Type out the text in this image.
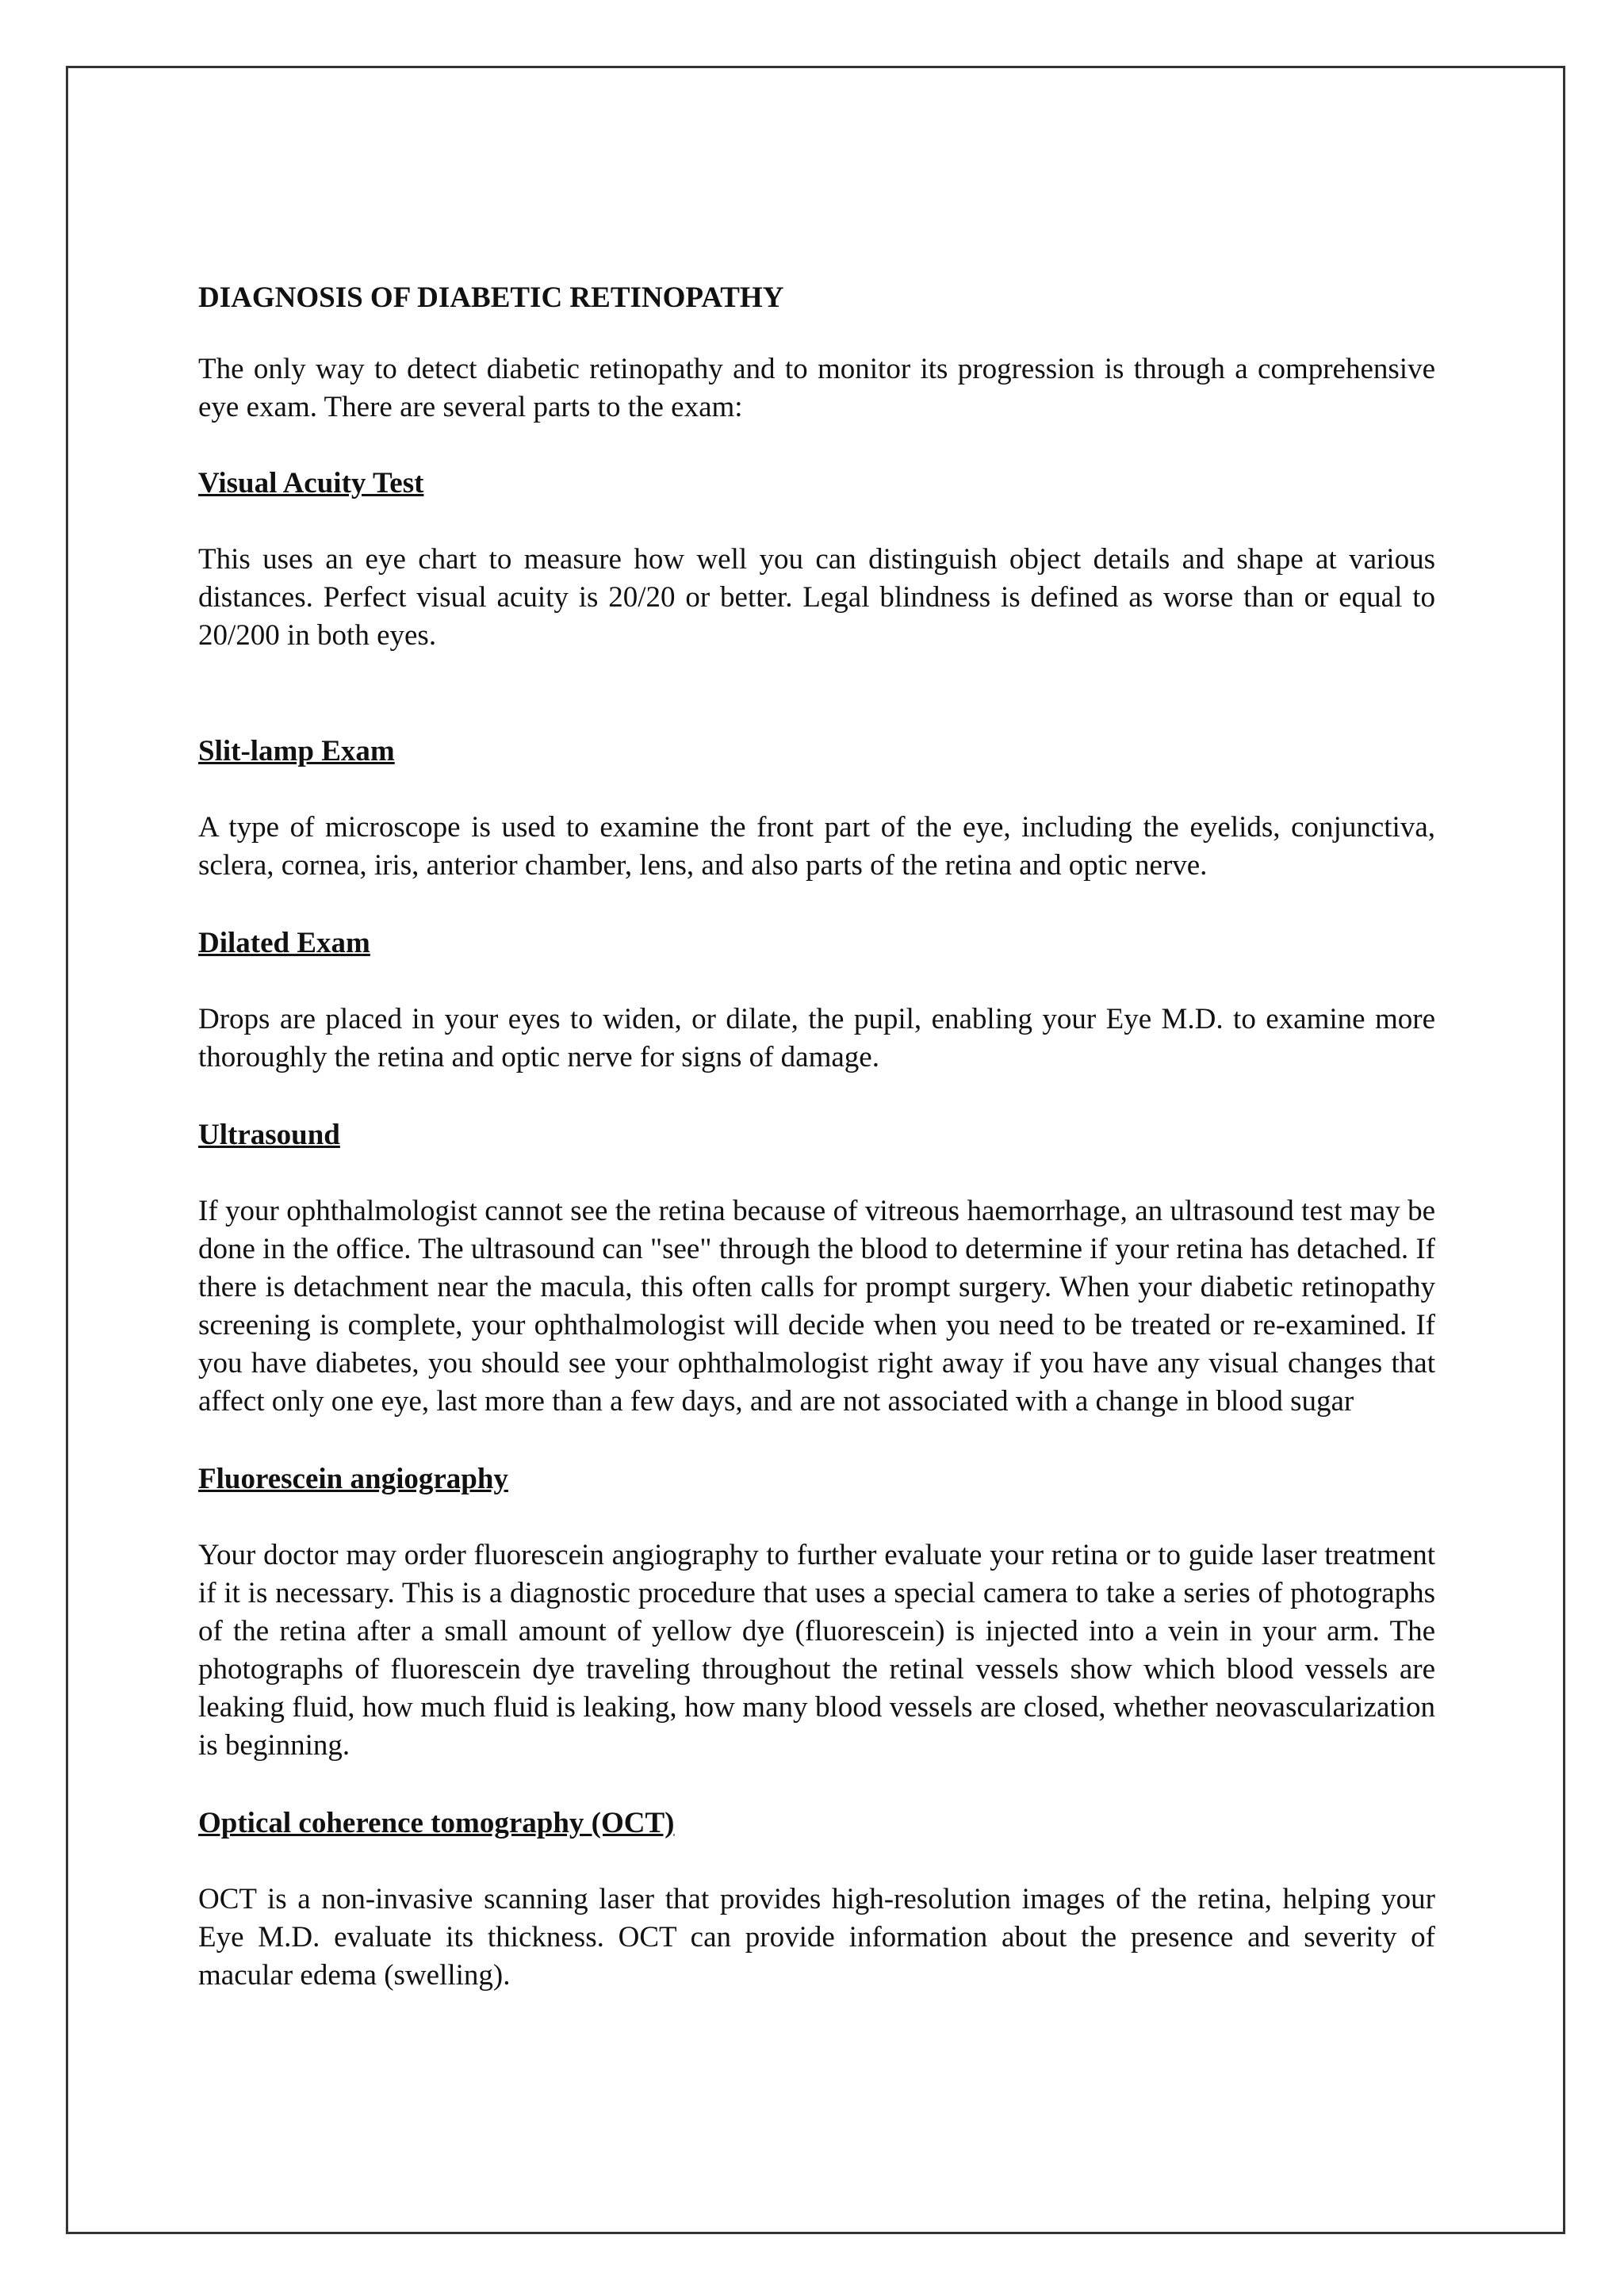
DIAGNOSIS OF DIABETIC RETINOPATHY

The only way to detect diabetic retinopathy and to monitor its progression is through a comprehensive eye exam. There are several parts to the exam:

Visual Acuity Test

This uses an eye chart to measure how well you can distinguish object details and shape at various distances. Perfect visual acuity is 20/20 or better. Legal blindness is defined as worse than or equal to 20/200 in both eyes.

Slit-lamp Exam

A type of microscope is used to examine the front part of the eye, including the eyelids, conjunctiva, sclera, cornea, iris, anterior chamber, lens, and also parts of the retina and optic nerve.

Dilated Exam

Drops are placed in your eyes to widen, or dilate, the pupil, enabling your Eye M.D. to examine more thoroughly the retina and optic nerve for signs of damage.

Ultrasound

If your ophthalmologist cannot see the retina because of vitreous haemorrhage, an ultrasound test may be done in the office. The ultrasound can "see" through the blood to determine if your retina has detached. If there is detachment near the macula, this often calls for prompt surgery. When your diabetic retinopathy screening is complete, your ophthalmologist will decide when you need to be treated or re-examined. If you have diabetes, you should see your ophthalmologist right away if you have any visual changes that affect only one eye, last more than a few days, and are not associated with a change in blood sugar

Fluorescein angiography

Your doctor may order fluorescein angiography to further evaluate your retina or to guide laser treatment if it is necessary. This is a diagnostic procedure that uses a special camera to take a series of photographs of the retina after a small amount of yellow dye (fluorescein) is injected into a vein in your arm. The photographs of fluorescein dye traveling throughout the retinal vessels show which blood vessels are leaking fluid, how much fluid is leaking, how many blood vessels are closed, whether neovascularization is beginning.

Optical coherence tomography (OCT)

OCT is a non-invasive scanning laser that provides high-resolution images of the retina, helping your Eye M.D. evaluate its thickness. OCT can provide information about the presence and severity of macular edema (swelling).
